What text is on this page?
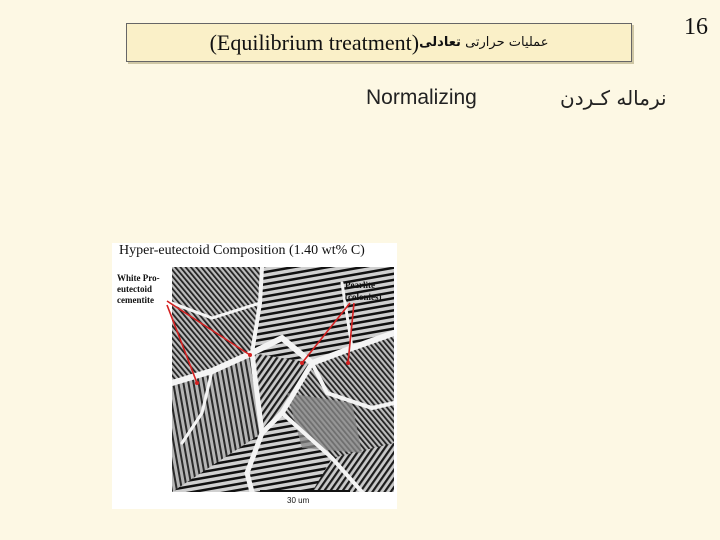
16
عملیات حرارتی تعادلی
(Equilibrium treatment)
Normalizing	نرماله کـردن
Hyper-eutectoid Composition (1.40 wt% C)
White Pro-
eutectoid
cementite
Pearlite
(colonies)
30 um
